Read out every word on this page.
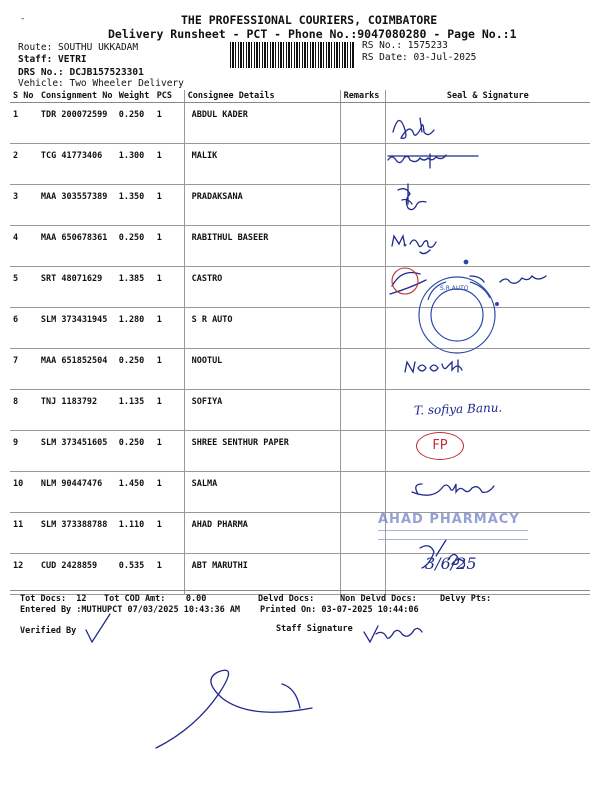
-	THE PROFESSIONAL COURIERS, COIMBATORE
Delivery Runsheet - PCT - Phone No.:9047080280 - Page No.:1
Route: SOUTHU UKKADAM
Staff: VETRI
DRS No.: DCJB157523301
Vehicle: Two Wheeler Delivery
RS No.: 1575233
RS Date: 03-Jul-2025
S No	Consignment No	Weight	PCS	Consignee Details	Remarks	Seal & Signature
1	TDR 200072599	0.250	1	ABDUL KADER		
2	TCG 41773406	1.300	1	MALIK		
3	MAA 303557389	1.350	1	PRADAKSANA		
4	MAA 650678361	0.250	1	RABITHUL BASEER		
5	SRT 48071629	1.385	1	CASTRO		
6	SLM 373431945	1.280	1	S R AUTO		
7	MAA 651852504	0.250	1	NOOTUL		
8	TNJ 1183792	1.135	1	SOFIYA		
9	SLM 373451605	0.250	1	SHREE SENTHUR PAPER		
10	NLM 90447476	1.450	1	SALMA		
11	SLM 373388788	1.110	1	AHAD PHARMA		
12	CUD 2428859	0.535	1	ABT MARUTHI		
S.R.AUTO
T. sofiya Banu.
FP
AHAD PHARMACY
3/6/25
Tot Docs:  12 Tot COD Amt:    0.00	Delvd Docs:	Non Delvd Docs:	Delvy Pts:
Entered By :MUTHUPCT 07/03/2025 10:43:36 AM Printed On: 03-07-2025 10:44:06
Verified By	Staff Signature
